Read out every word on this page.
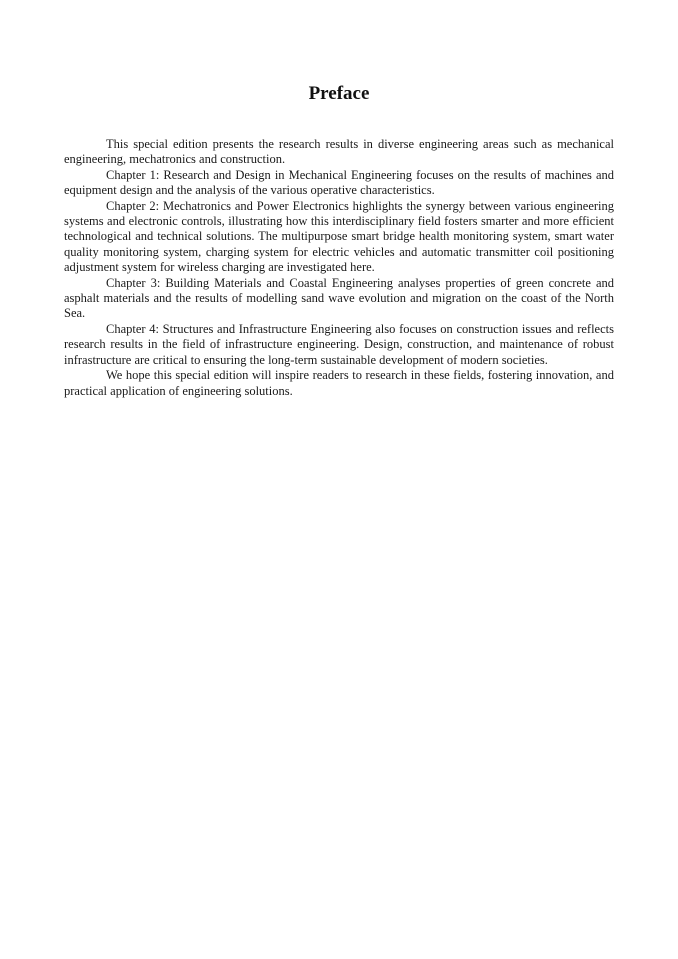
Preface

This special edition presents the research results in diverse engineering areas such as mechanical engineering, mechatronics and construction.

Chapter 1: Research and Design in Mechanical Engineering focuses on the results of machines and equipment design and the analysis of the various operative characteristics.

Chapter 2: Mechatronics and Power Electronics highlights the synergy between various engineering systems and electronic controls, illustrating how this interdisciplinary field fosters smarter and more efficient technological and technical solutions. The multipurpose smart bridge health monitoring system, smart water quality monitoring system, charging system for electric vehicles and automatic transmitter coil positioning adjustment system for wireless charging are investigated here.

Chapter 3: Building Materials and Coastal Engineering analyses properties of green concrete and asphalt materials and the results of modelling sand wave evolution and migration on the coast of the North Sea.

Chapter 4: Structures and Infrastructure Engineering also focuses on construction issues and reflects research results in the field of infrastructure engineering. Design, construction, and maintenance of robust infrastructure are critical to ensuring the long-term sustainable development of modern societies.

We hope this special edition will inspire readers to research in these fields, fostering innovation, and practical application of engineering solutions.
